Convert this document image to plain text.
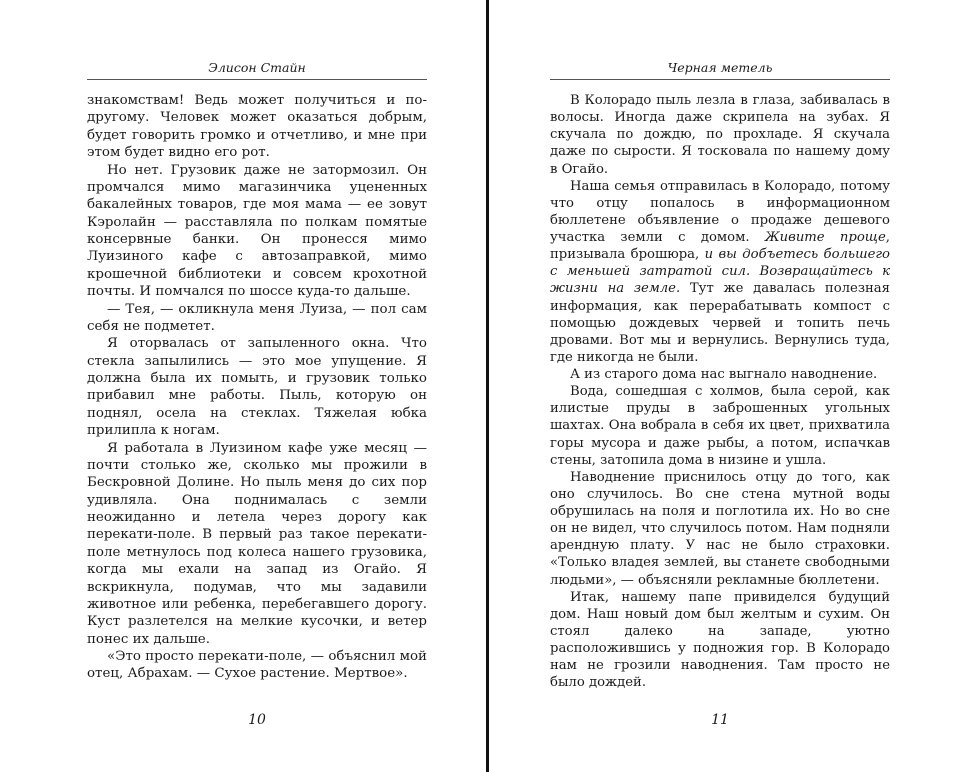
Элисон Стайн

знакомствам! Ведь может получиться и по-другому. Человек может оказаться добрым, будет говорить громко и отчетливо, и мне при этом будет видно его рот.

Но нет. Грузовик даже не затормозил. Он промчался мимо магазинчика уцененных бакалейных товаров, где моя мама — ее зовут Кэролайн — расставляла по полкам помятые консервные банки. Он пронесся мимо Луизиного кафе с автозаправкой, мимо крошечной библиотеки и совсем крохотной почты. И помчался по шоссе куда-то дальше.

— Тея, — окликнула меня Луиза, — пол сам себя не подметет.

Я оторвалась от запыленного окна. Что стекла запылились — это мое упущение. Я должна была их помыть, и грузовик только прибавил мне работы. Пыль, которую он поднял, осела на стеклах. Тяжелая юбка прилипла к ногам.

Я работала в Луизином кафе уже месяц — почти столько же, сколько мы прожили в Бескровной Долине. Но пыль меня до сих пор удивляла. Она поднималась с земли неожиданно и летела через дорогу как перекати-поле. В первый раз такое перекати-поле метнулось под колеса нашего грузовика, когда мы ехали на запад из Огайо. Я вскрикнула, подумав, что мы задавили животное или ребенка, перебегавшего дорогу. Куст разлетелся на мелкие кусочки, и ветер понес их дальше.

«Это просто перекати-поле, — объяснил мой отец, Абрахам. — Сухое растение. Мертвое».

10
Черная метель

В Колорадо пыль лезла в глаза, забивалась в волосы. Иногда даже скрипела на зубах. Я скучала по дождю, по прохладе. Я скучала даже по сырости. Я тосковала по нашему дому в Огайо.

Наша семья отправилась в Колорадо, потому что отцу попалось в информационном бюллетене объявление о продаже дешевого участка земли с домом. Живите проще, призывала брошюра, и вы добъетесь большего с меньшей затратой сил. Возвращайтесь к жизни на земле. Тут же давалась полезная информация, как перерабатывать компост с помощью дождевых червей и топить печь дровами. Вот мы и вернулись. Вернулись туда, где никогда не были.

А из старого дома нас выгнало наводнение.

Вода, сошедшая с холмов, была серой, как илистые пруды в заброшенных угольных шахтах. Она вобрала в себя их цвет, прихватила горы мусора и даже рыбы, а потом, испачкав стены, затопила дома в низине и ушла.

Наводнение приснилось отцу до того, как оно случилось. Во сне стена мутной воды обрушилась на поля и поглотила их. Но во сне он не видел, что случилось потом. Нам подняли арендную плату. У нас не было страховки. «Только владея землей, вы станете свободными людьми», — объясняли рекламные бюллетени.

Итак, нашему папе привиделся будущий дом. Наш новый дом был желтым и сухим. Он стоял далеко на западе, уютно расположившись у подножия гор. В Колорадо нам не грозили наводнения. Там просто не было дождей.

11
